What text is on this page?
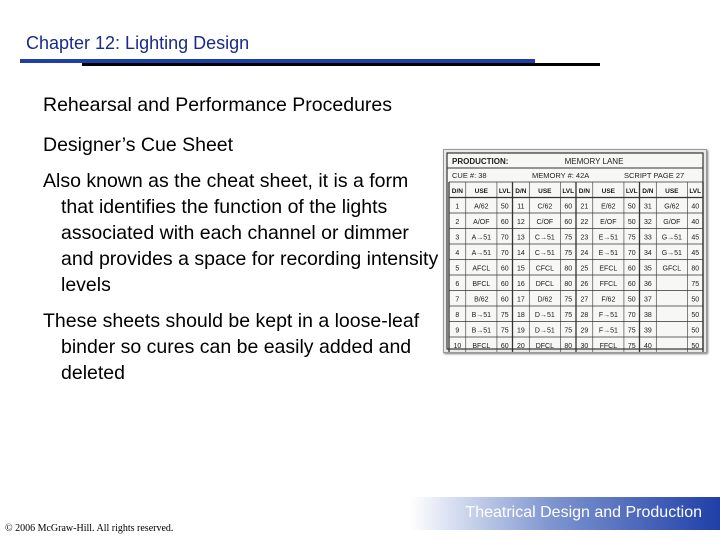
Chapter 12: Lighting Design
Rehearsal and Performance Procedures
Designer’s Cue Sheet
Also known as the cheat sheet, it is a form that identifies the function of the lights associated with each channel or dimmer and provides a space for recording intensity levels
These sheets should be kept in a loose-leaf binder so cures can be easily added and deleted
PRODUCTION:	MEMORY LANE
CUE #: 38	MEMORY #: 42A	SCRIPT PAGE 27
D/N USE LVL D/N USE LVL D/N USE LVL D/N USE LVL
1 A/62 50 11 C/62 60 21 E/62 50 31 G/62 40
2 A/OF 60 12 C/OF 60 22 E/OF 50 32 G/OF 40
3 A→51 70 13 C→51 75 23 E→51 75 33 G→51 45
4 A→51 70 14 C→51 75 24 E→51 70 34 G→51 45
5 AFCL 60 15 CFCL 80 25 EFCL 60 35 GFCL 80
6 BFCL 60 16 DFCL 80 26 FFCL 60 36	75
7 B/62 60 17 D/62 75 27 F/62 50 37	50
8 B→51 75 18 D→51 75 28 F→51 70 38	50
9 B→51 75 19 D→51 75 29 F→51 75 39	50
10 BFCL 60 20 DFCL 80 30 FFCL 75 40	50
Theatrical Design and Production
© 2006 McGraw-Hill. All rights reserved.
